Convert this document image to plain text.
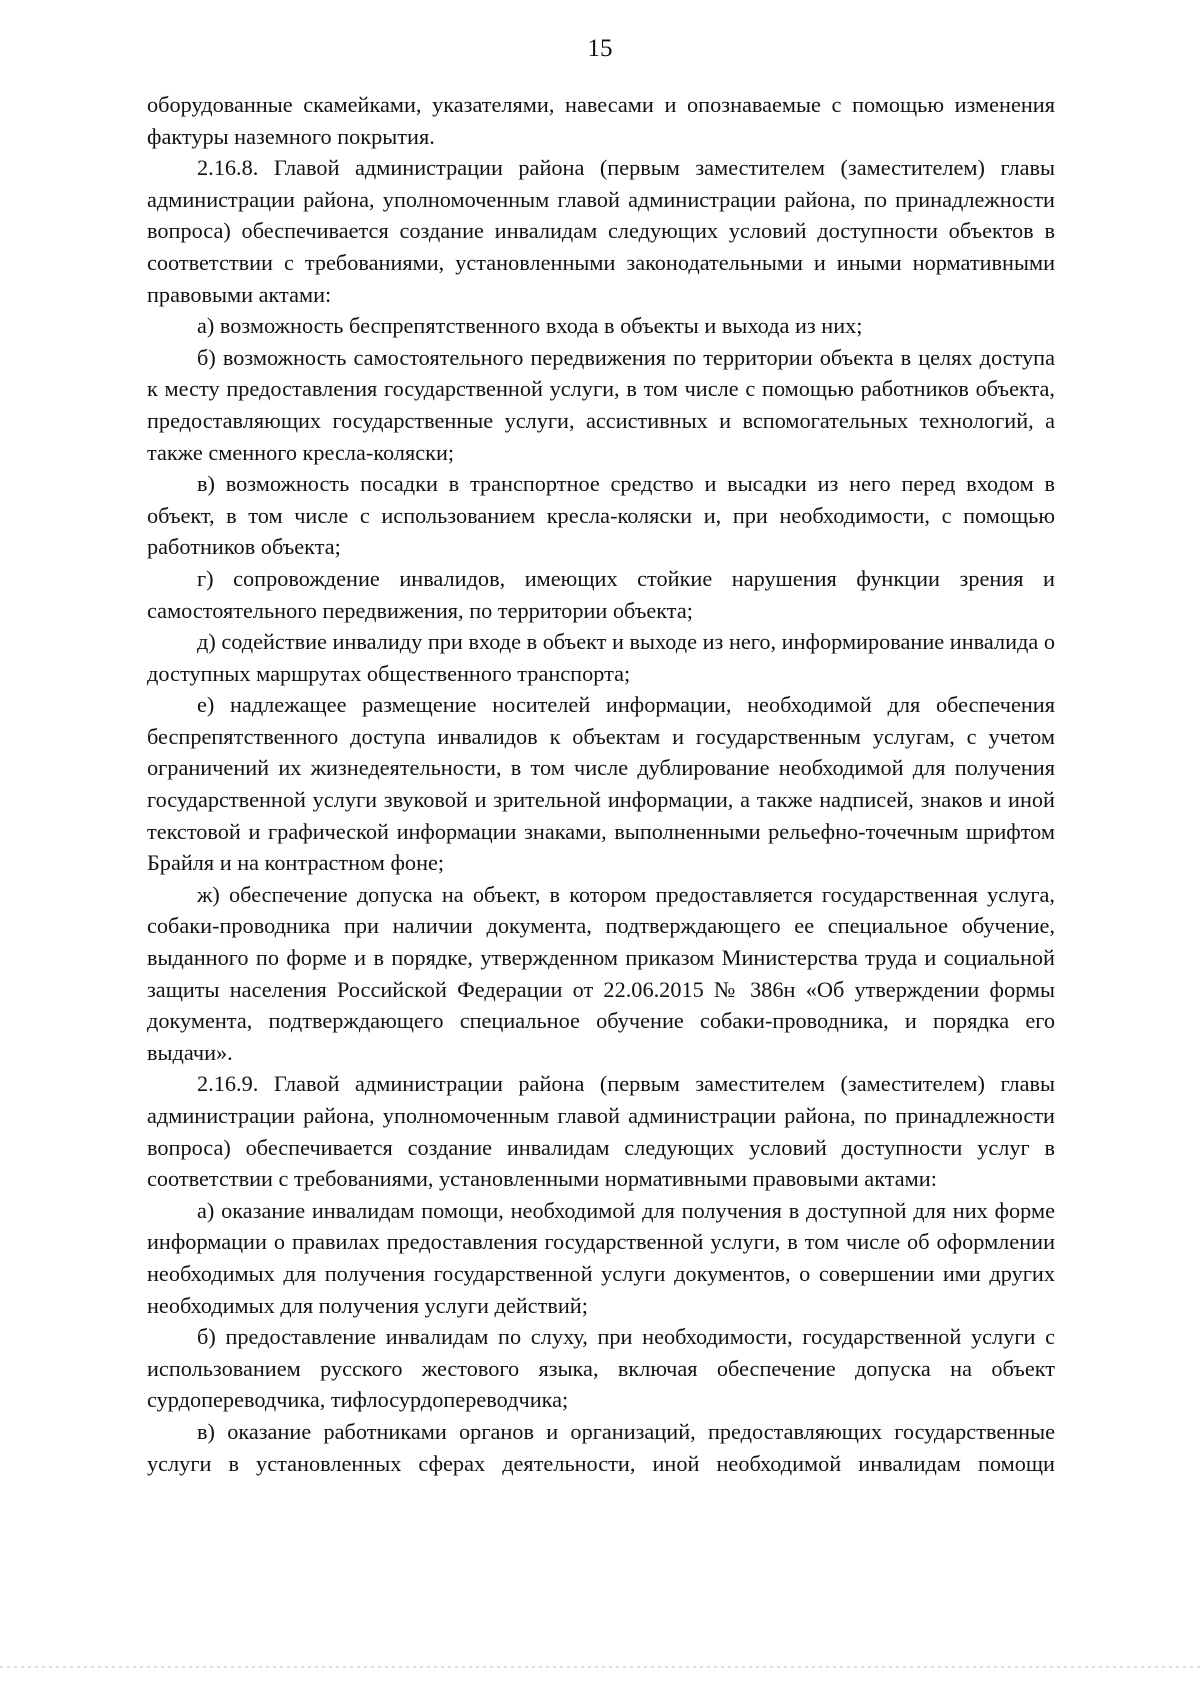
15

оборудованные скамейками, указателями, навесами и опознаваемые с помощью изменения фактуры наземного покрытия.

2.16.8. Главой администрации района (первым заместителем (заместителем) главы администрации района, уполномоченным главой администрации района, по принадлежности вопроса) обеспечивается создание инвалидам следующих условий доступности объектов в соответствии с требованиями, установленными законодательными и иными нормативными правовыми актами:

а) возможность беспрепятственного входа в объекты и выхода из них;

б) возможность самостоятельного передвижения по территории объекта в целях доступа к месту предоставления государственной услуги, в том числе с помощью работников объекта, предоставляющих государственные услуги, ассистивных и вспомогательных технологий, а также сменного кресла-коляски;

в) возможность посадки в транспортное средство и высадки из него перед входом в объект, в том числе с использованием кресла-коляски и, при необходимости, с помощью работников объекта;

г) сопровождение инвалидов, имеющих стойкие нарушения функции зрения и самостоятельного передвижения, по территории объекта;

д) содействие инвалиду при входе в объект и выходе из него, информирование инвалида о доступных маршрутах общественного транспорта;

е) надлежащее размещение носителей информации, необходимой для обеспечения беспрепятственного доступа инвалидов к объектам и государственным услугам, с учетом ограничений их жизнедеятельности, в том числе дублирование необходимой для получения государственной услуги звуковой и зрительной информации, а также надписей, знаков и иной текстовой и графической информации знаками, выполненными рельефно-точечным шрифтом Брайля и на контрастном фоне;

ж) обеспечение допуска на объект, в котором предоставляется государственная услуга, собаки-проводника при наличии документа, подтверждающего ее специальное обучение, выданного по форме и в порядке, утвержденном приказом Министерства труда и социальной защиты населения Российской Федерации от 22.06.2015 № 386н «Об утверждении формы документа, подтверждающего специальное обучение собаки-проводника, и порядка его выдачи».

2.16.9. Главой администрации района (первым заместителем (заместителем) главы администрации района, уполномоченным главой администрации района, по принадлежности вопроса) обеспечивается создание инвалидам следующих условий доступности услуг в соответствии с требованиями, установленными нормативными правовыми актами:

а) оказание инвалидам помощи, необходимой для получения в доступной для них форме информации о правилах предоставления государственной услуги, в том числе об оформлении необходимых для получения государственной услуги документов, о совершении ими других необходимых для получения услуги действий;

б) предоставление инвалидам по слуху, при необходимости, государственной услуги с использованием русского жестового языка, включая обеспечение допуска на объект сурдопереводчика, тифлосурдопереводчика;

в) оказание работниками органов и организаций, предоставляющих государственные услуги в установленных сферах деятельности, иной необходимой инвалидам помощи
